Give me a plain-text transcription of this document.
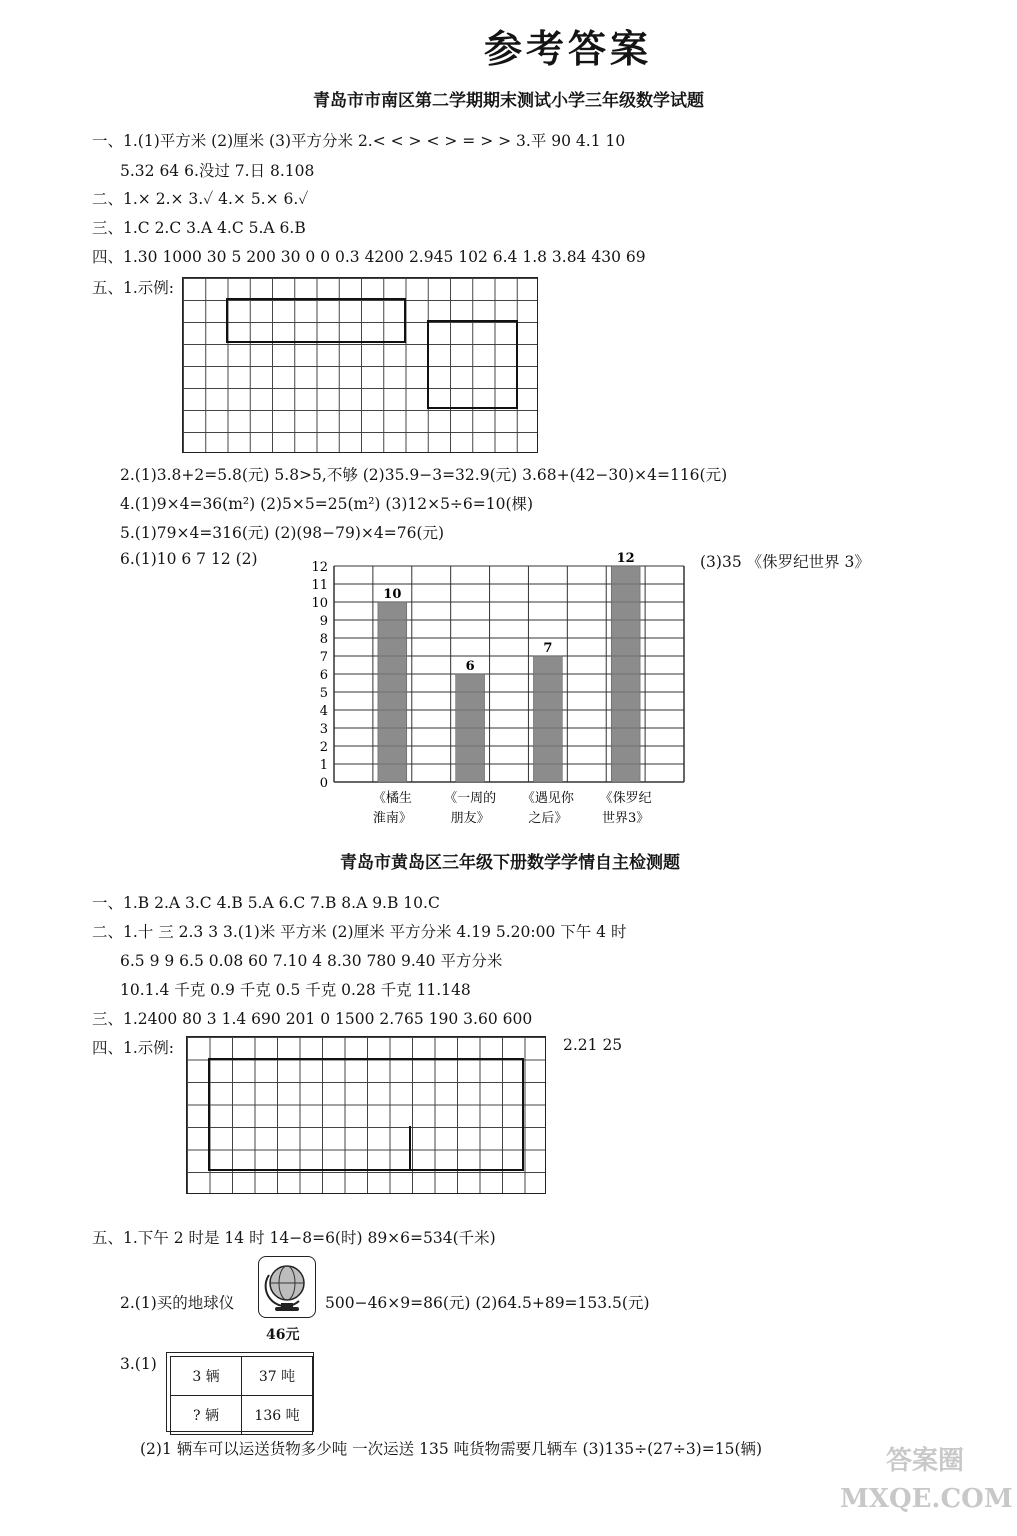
参考答案
青岛市市南区第二学期期末测试小学三年级数学试题
一、1.(1)平方米 (2)厘米 (3)平方分米 2.< < > < > = > > 3.平 90 4.1 10
5.32 64 6.没过 7.日 8.108
二、1.× 2.× 3.✓ 4.× 5.× 6.✓
三、1.C 2.C 3.A 4.C 5.A 6.B
四、1.30 1000 30 5 200 30 0 0 0.3 4200 2.945 102 6.4 1.8 3.84 430 69
五、1.示例:
2.(1)3.8+2=5.8(元) 5.8>5,不够 (2)35.9−3=32.9(元) 3.68+(42−30)×4=116(元)
4.(1)9×4=36(m²) (2)5×5=25(m²) (3)12×5÷6=10(棵)
5.(1)79×4=316(元) (2)(98−79)×4=76(元)
6.(1)10 6 7 12 (2)	(3)35 《侏罗纪世界 3》
0
1
2
3
4
5
6
7
8
9
10
11
12
10
《橘生
淮南》
6
《一周的
朋友》
7
《遇见你
之后》
12
《侏罗纪
世界3》
青岛市黄岛区三年级下册数学学情自主检测题
一、1.B 2.A 3.C 4.B 5.A 6.C 7.B 8.A 9.B 10.C
二、1.十 三 2.3 3 3.(1)米 平方米 (2)厘米 平方分米 4.19 5.20:00 下午 4 时
6.5 9 9 6.5 0.08 60 7.10 4 8.30 780 9.40 平方分米
10.1.4 千克 0.9 千克 0.5 千克 0.28 千克 11.148
三、1.2400 80 3 1.4 690 201 0 1500 2.765 190 3.60 600
四、1.示例:	2.21 25
五、1.下午 2 时是 14 时 14−8=6(时) 89×6=534(千米)
2.(1)买的地球仪
46元
500−46×9=86(元) (2)64.5+89=153.5(元)
3.(1)
3 辆	37 吨
? 辆	136 吨
(2)1 辆车可以运送货物多少吨 一次运送 135 吨货物需要几辆车 (3)135÷(27÷3)=15(辆)	答案圈 MXQE.COM
